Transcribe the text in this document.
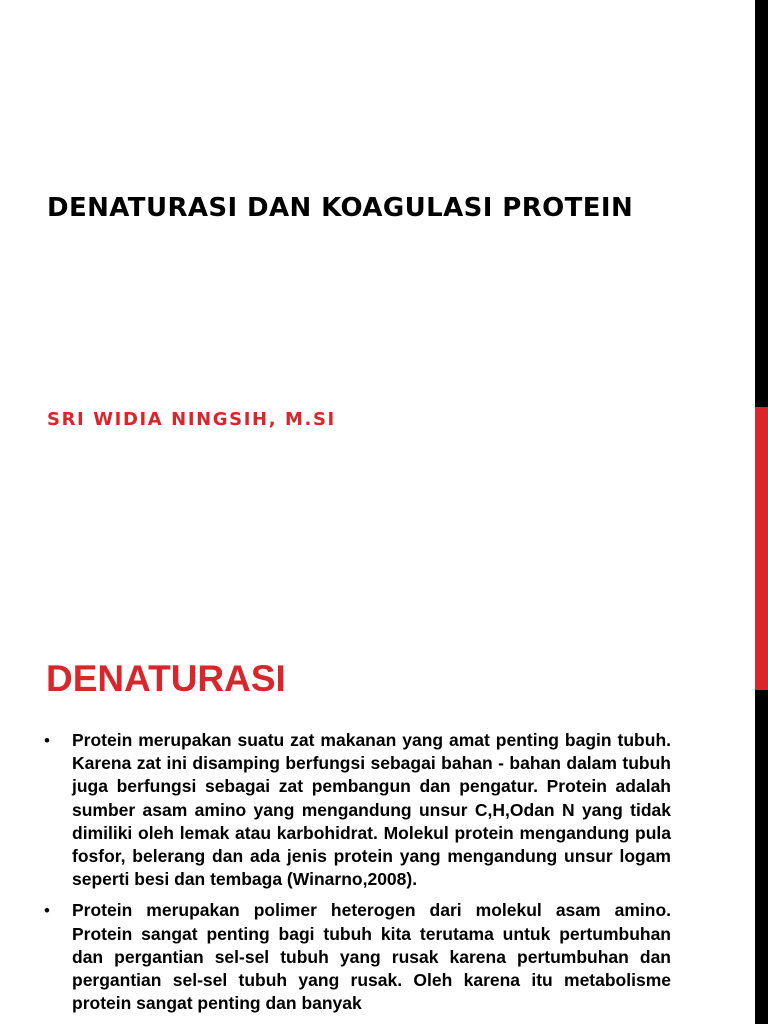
DENATURASI DAN KOAGULASI PROTEIN

SRI WIDIA NINGSIH, M.SI

DENATURASI
• Protein merupakan suatu zat makanan yang amat penting bagin tubuh. Karena zat ini disamping berfungsi sebagai bahan - bahan dalam tubuh juga berfungsi sebagai zat pembangun dan pengatur. Protein adalah sumber asam amino yang mengandung unsur C,H,Odan N yang tidak dimiliki oleh lemak atau karbohidrat. Molekul protein mengandung pula fosfor, belerang dan ada jenis protein yang mengandung unsur logam seperti besi dan tembaga (Winarno,2008).
• Protein merupakan polimer heterogen dari molekul asam amino. Protein sangat penting bagi tubuh kita terutama untuk pertumbuhan dan pergantian sel-sel tubuh yang rusak karena pertumbuhan dan pergantian sel-sel tubuh yang rusak. Oleh karena itu metabolisme protein sangat penting dan banyak
